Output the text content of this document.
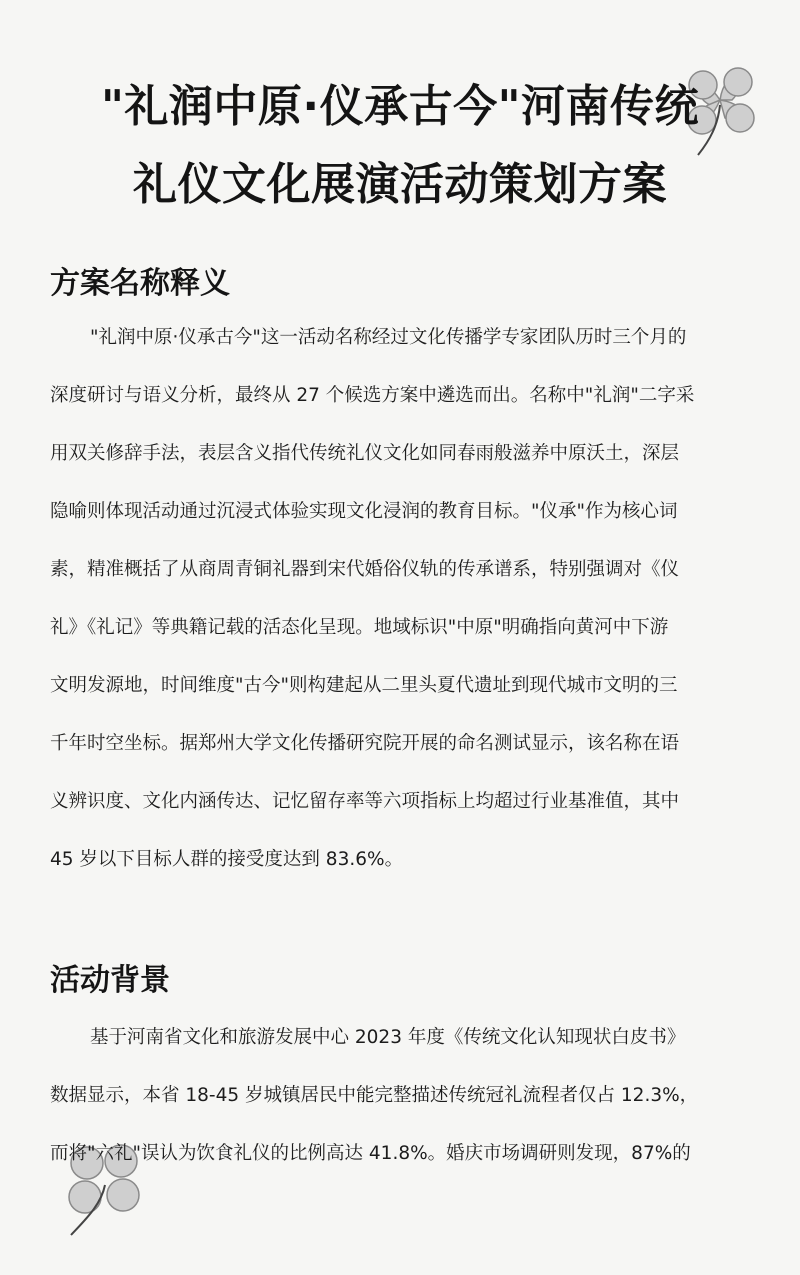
"礼润中原·仪承古今"河南传统
礼仪文化展演活动策划方案
方案名称释义
"礼润中原·仪承古今"这一活动名称经过文化传播学专家团队历时三个月的
深度研讨与语义分析，最终从 27 个候选方案中遴选而出。名称中"礼润"二字采
用双关修辞手法，表层含义指代传统礼仪文化如同春雨般滋养中原沃土，深层
隐喻则体现活动通过沉浸式体验实现文化浸润的教育目标。"仪承"作为核心词
素，精准概括了从商周青铜礼器到宋代婚俗仪轨的传承谱系，特别强调对《仪
礼》《礼记》等典籍记载的活态化呈现。地域标识"中原"明确指向黄河中下游
文明发源地，时间维度"古今"则构建起从二里头夏代遗址到现代城市文明的三
千年时空坐标。据郑州大学文化传播研究院开展的命名测试显示，该名称在语
义辨识度、文化内涵传达、记忆留存率等六项指标上均超过行业基准值，其中
45 岁以下目标人群的接受度达到 83.6%。
活动背景
基于河南省文化和旅游发展中心 2023 年度《传统文化认知现状白皮书》
数据显示，本省 18-45 岁城镇居民中能完整描述传统冠礼流程者仅占 12.3%，
而将"六礼"误认为饮食礼仪的比例高达 41.8%。婚庆市场调研则发现，87%的
